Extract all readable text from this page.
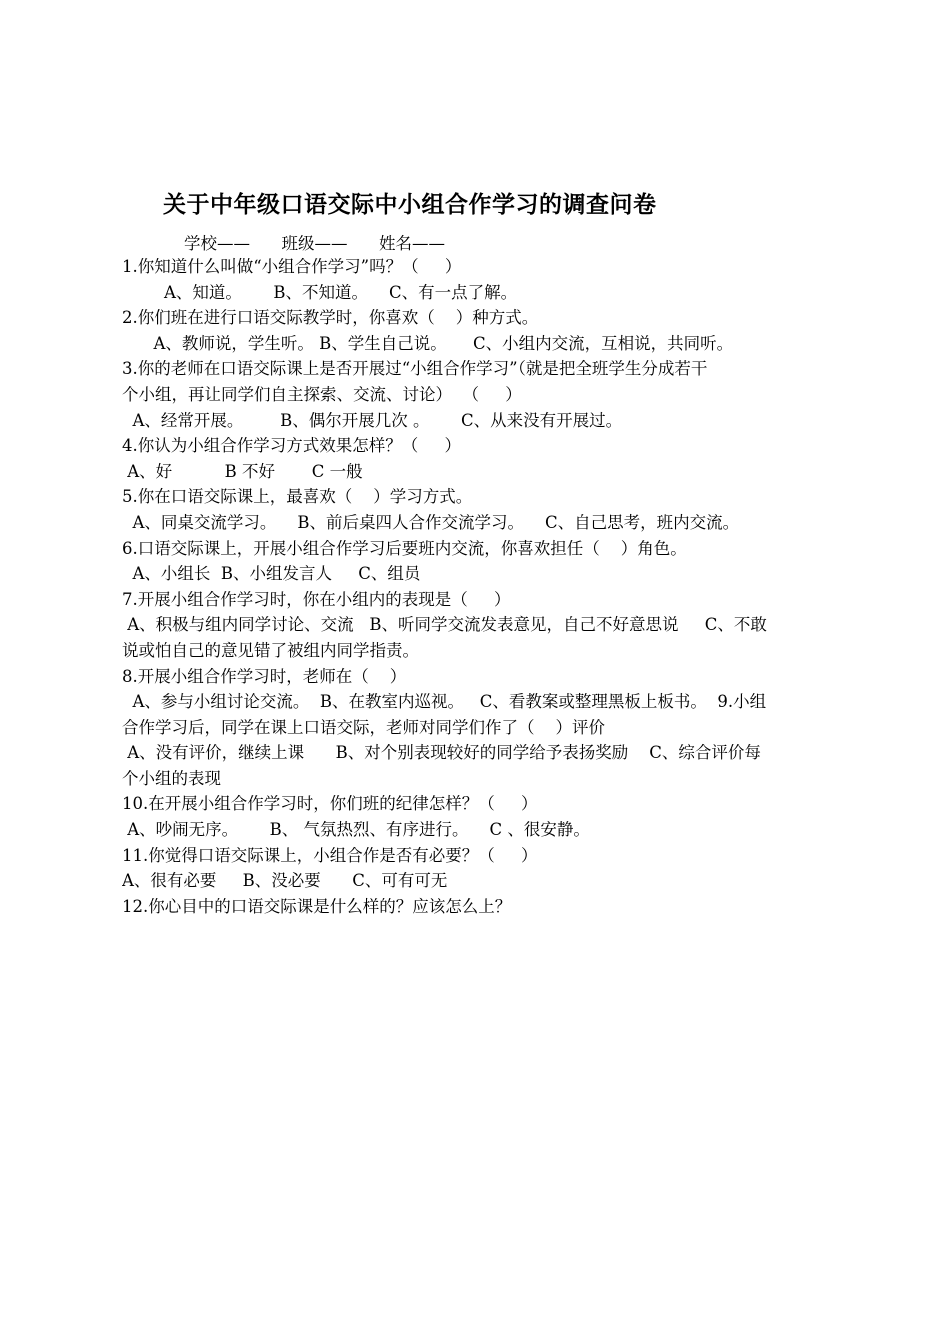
关于中年级口语交际中小组合作学习的调查问卷
学校——      班级——      姓名——
1.你知道什么叫做“小组合作学习”吗？（     ）
A、知道。      B、不知道。    C、有一点了解。
2.你们班在进行口语交际教学时，你喜欢（    ）种方式。
A、教师说，学生听。 B、学生自己说。     C、小组内交流，互相说，共同听。
3.你的老师在口语交际课上是否开展过“小组合作学习”（就是把全班学生分成若干
个小组，再让同学们自主探索、交流、讨论）  （     ）
A、经常开展。       B、偶尔开展几次 。      C、从来没有开展过。
4.你认为小组合作学习方式效果怎样？（     ）
A、好          B 不好       C 一般
5.你在口语交际课上，最喜欢（    ）学习方式。
A、同桌交流学习。    B、前后桌四人合作交流学习。    C、自己思考，班内交流。
6.口语交际课上，开展小组合作学习后要班内交流，你喜欢担任（    ）角色。
A、小组长  B、小组发言人     C、组员
7.开展小组合作学习时，你在小组内的表现是（     ）
A、积极与组内同学讨论、交流   B、听同学交流发表意见，自己不好意思说     C、不敢
说或怕自己的意见错了被组内同学指责。
8.开展小组合作学习时，老师在（    ）
A、参与小组讨论交流。  B、在教室内巡视。   C、看教案或整理黑板上板书。  9.小组
合作学习后，同学在课上口语交际，老师对同学们作了（    ）评价
A、没有评价，继续上课      B、对个别表现较好的同学给予表扬奖励    C、综合评价每
个小组的表现
10.在开展小组合作学习时，你们班的纪律怎样？（     ）
A、吵闹无序。      B、 气氛热烈、有序进行。    C 、很安静。
11.你觉得口语交际课上，小组合作是否有必要？（     ）
A、很有必要     B、没必要      C、可有可无
12.你心目中的口语交际课是什么样的？应该怎么上？
